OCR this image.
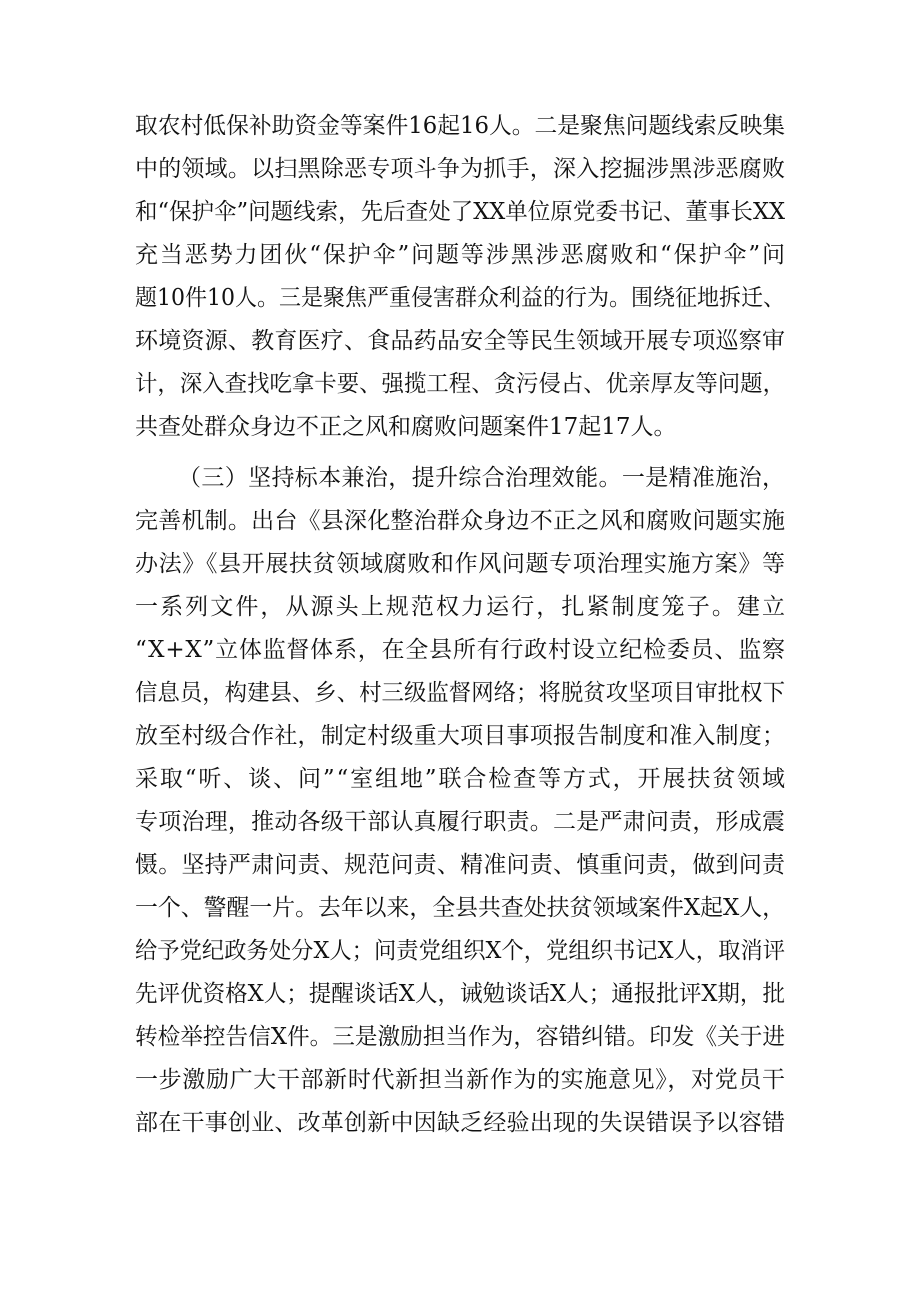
取农村低保补助资金等案件16起16人。二是聚焦问题线索反映集
中的领域。以扫黑除恶专项斗争为抓手，深入挖掘涉黑涉恶腐败
和“保护伞”问题线索，先后查处了XX单位原党委书记、董事长XX
充当恶势力团伙“保护伞”问题等涉黑涉恶腐败和“保护伞”问
题10件10人。三是聚焦严重侵害群众利益的行为。围绕征地拆迁、
环境资源、教育医疗、食品药品安全等民生领域开展专项巡察审
计，深入查找吃拿卡要、强揽工程、贪污侵占、优亲厚友等问题，
共查处群众身边不正之风和腐败问题案件17起17人。
（三）坚持标本兼治，提升综合治理效能。一是精准施治，
完善机制。出台《县深化整治群众身边不正之风和腐败问题实施
办法》《县开展扶贫领域腐败和作风问题专项治理实施方案》等
一系列文件，从源头上规范权力运行，扎紧制度笼子。建立
“X+X”立体监督体系，在全县所有行政村设立纪检委员、监察
信息员，构建县、乡、村三级监督网络；将脱贫攻坚项目审批权下
放至村级合作社，制定村级重大项目事项报告制度和准入制度；
采取“听、谈、问”“室组地”联合检查等方式，开展扶贫领域
专项治理，推动各级干部认真履行职责。二是严肃问责，形成震
慑。坚持严肃问责、规范问责、精准问责、慎重问责，做到问责
一个、警醒一片。去年以来，全县共查处扶贫领域案件X起X人，
给予党纪政务处分X人；问责党组织X个，党组织书记X人，取消评
先评优资格X人；提醒谈话X人，诫勉谈话X人；通报批评X期，批
转检举控告信X件。三是激励担当作为，容错纠错。印发《关于进
一步激励广大干部新时代新担当新作为的实施意见》，对党员干
部在干事创业、改革创新中因缺乏经验出现的失误错误予以容错
